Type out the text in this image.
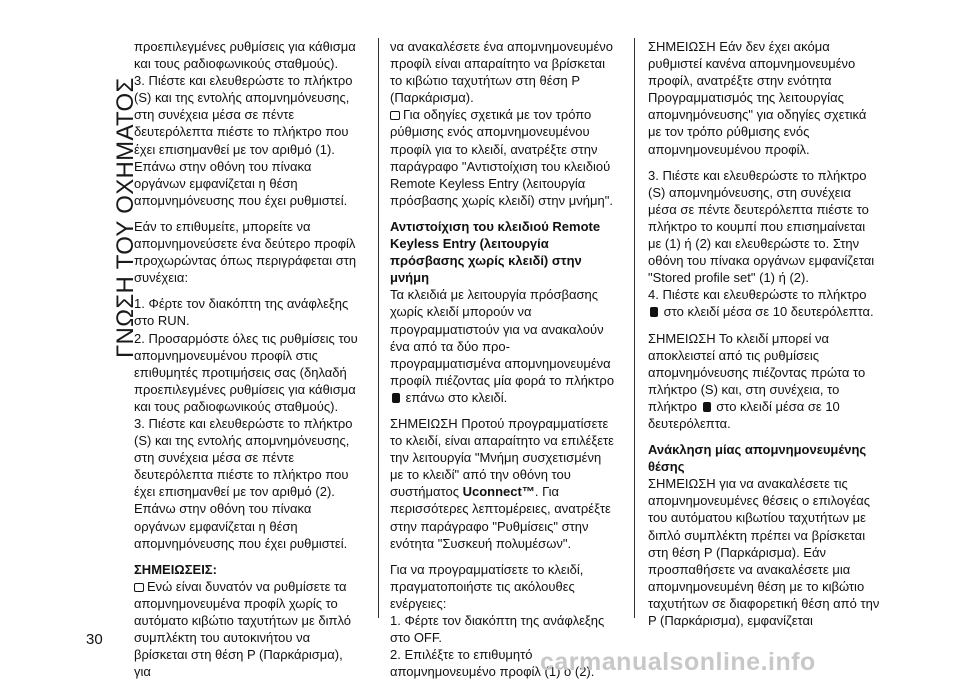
ΓΝΩΣΗ ΤΟΥ ΟΧΗΜΑΤΟΣ

προεπιλεγμένες ρυθμίσεις για κάθισμα και τους ραδιοφωνικούς σταθμούς).

3. Πιέστε και ελευθερώστε το πλήκτρο (S) και της εντολής απομνημόνευσης, στη συνέχεια μέσα σε πέντε δευτερόλεπτα πιέστε το πλήκτρο που έχει επισημανθεί με τον αριθμό (1). Επάνω στην οθόνη του πίνακα οργάνων εμφανίζεται η θέση απομνημόνευσης που έχει ρυθμιστεί.

Εάν το επιθυμείτε, μπορείτε να απομνημονεύσετε ένα δεύτερο προφίλ προχωρώντας όπως περιγράφεται στη συνέχεια:

1. Φέρτε τον διακόπτη της ανάφλεξης στο RUN.

2. Προσαρμόστε όλες τις ρυθμίσεις του απομνημονευμένου προφίλ στις επιθυμητές προτιμήσεις σας (δηλαδή προεπιλεγμένες ρυθμίσεις για κάθισμα και τους ραδιοφωνικούς σταθμούς).

3. Πιέστε και ελευθερώστε το πλήκτρο (S) και της εντολής απομνημόνευσης, στη συνέχεια μέσα σε πέντε δευτερόλεπτα πιέστε το πλήκτρο που έχει επισημανθεί με τον αριθμό (2). Επάνω στην οθόνη του πίνακα οργάνων εμφανίζεται η θέση απομνημόνευσης που έχει ρυθμιστεί.

ΣΗΜΕΙΩΣΕΙΣ:

Ενώ είναι δυνατόν να ρυθμίσετε τα απομνημονευμένα προφίλ χωρίς το αυτόματο κιβώτιο ταχυτήτων με διπλό συμπλέκτη του αυτοκινήτου να βρίσκεται στη θέση P (Παρκάρισμα), για

να ανακαλέσετε ένα απομνημονευμένο προφίλ είναι απαραίτητο να βρίσκεται το κιβώτιο ταχυτήτων στη θέση P (Παρκάρισμα).

Για οδηγίες σχετικά με τον τρόπο ρύθμισης ενός απομνημονευμένου προφίλ για το κλειδί, ανατρέξτε στην παράγραφο "Αντιστοίχιση του κλειδιού Remote Keyless Entry (λειτουργία πρόσβασης χωρίς κλειδί) στην μνήμη".

Αντιστοίχιση του κλειδιού Remote Keyless Entry (λειτουργία πρόσβασης χωρίς κλειδί) στην μνήμη

Τα κλειδιά με λειτουργία πρόσβασης χωρίς κλειδί μπορούν να προγραμματιστούν για να ανακαλούν ένα από τα δύο προ-προγραμματισμένα απομνημονευμένα προφίλ πιέζοντας μία φορά το πλήκτρο  επάνω στο κλειδί.

ΣΗΜΕΙΩΣΗ Προτού προγραμματίσετε το κλειδί, είναι απαραίτητο να επιλέξετε την λειτουργία "Μνήμη συσχετισμένη με το κλειδί" από την οθόνη του συστήματος Uconnect™. Για περισσότερες λεπτομέρειες, ανατρέξτε στην παράγραφο "Ρυθμίσεις" στην ενότητα "Συσκευή πολυμέσων".

Για να προγραμματίσετε το κλειδί, πραγματοποιήστε τις ακόλουθες ενέργειες:

1. Φέρτε τον διακόπτη της ανάφλεξης στο OFF.

2. Επιλέξτε το επιθυμητό απομνημονευμένο προφίλ (1) ο (2).

ΣΗΜΕΙΩΣΗ Εάν δεν έχει ακόμα ρυθμιστεί κανένα απομνημονευμένο προφίλ, ανατρέξτε στην ενότητα Προγραμματισμός της λειτουργίας απομνημόνευσης" για οδηγίες σχετικά με τον τρόπο ρύθμισης ενός απομνημονευμένου προφίλ.

3. Πιέστε και ελευθερώστε το πλήκτρο (S) απομνημόνευσης, στη συνέχεια μέσα σε πέντε δευτερόλεπτα πιέστε το πλήκτρο το κουμπί που επισημαίνεται με (1) ή (2) και ελευθερώστε το. Στην οθόνη του πίνακα οργάνων εμφανίζεται "Stored profile set" (1) ή (2).

4. Πιέστε και ελευθερώστε το πλήκτρο  στο κλειδί μέσα σε 10 δευτερόλεπτα.

ΣΗΜΕΙΩΣΗ Το κλειδί μπορεί να αποκλειστεί από τις ρυθμίσεις απομνημόνευσης πιέζοντας πρώτα το πλήκτρο (S) και, στη συνέχεια, το πλήκτρο στο κλειδί μέσα σε 10 δευτερόλεπτα.

Ανάκληση μίας απομνημονευμένης θέσης

ΣΗΜΕΙΩΣΗ για να ανακαλέσετε τις απομνημονευμένες θέσεις ο επιλογέας του αυτόματου κιβωτίου ταχυτήτων με διπλό συμπλέκτη πρέπει να βρίσκεται στη θέση P (Παρκάρισμα). Εάν προσπαθήσετε να ανακαλέσετε μια απομνημονευμένη θέση με το κιβώτιο ταχυτήτων σε διαφορετική θέση από την P (Παρκάρισμα), εμφανίζεται

30
carmanualsonline.info
